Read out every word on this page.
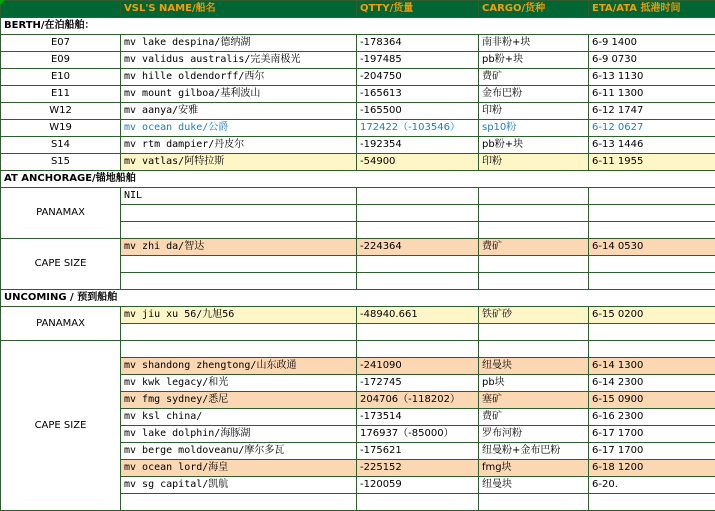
	VSL'S NAME/船名	QTTY/货量	CARGO/货种	ETA/ATA 抵港时间
BERTH/在泊船舶：				
E07	mv lake despina/德纳湖	-178364	南非粉+块	6-9 1400
E09	mv validus australis/完美南极光	-197485	pb粉+块	6-9 0730
E10	mv hille oldendorff/西尔	-204750	费矿	6-13 1130
E11	mv mount gilboa/基利波山	-165613	金布巴粉	6-11 1300
W12	mv aanya/安雅	-165500	印粉	6-12 1747
W19	mv ocean duke/公爵	172422（-103546）	sp10粉	6-12 0627
S14	mv rtm dampier/丹皮尔	-192354	pb粉+块	6-13 1446
S15	mv vatlas/阿特拉斯	-54900	印粉	6-11 1955
AT ANCHORAGE/锚地船舶				
PANAMAX	NIL			

CAPE SIZE	mv zhi da/智达	-224364	费矿	6-14 0530

UNCOMING / 预到船舶				
PANAMAX	mv jiu xu 56/九旭56	-48940.661	铁矿砂	6-15 0200

CAPE SIZE				
	mv shandong zhengtong/山东政通	-241090	纽曼块	6-14 1300
	mv kwk legacy/和光	-172745	pb块	6-14 2300
	mv fmg sydney/悉尼	204706（-118202）	塞矿	6-15 0900
	mv ksl china/	-173514	费矿	6-16 2300
	mv lake dolphin/海豚湖	176937（-85000）	罗布河粉	6-17 1700
	mv berge moldoveanu/摩尔多瓦	-175621	纽曼粉+金布巴粉	6-17 1700
	mv ocean lord/海皇	-225152	fmg块	6-18 1200
	mv sg capital/凯航	-120059	纽曼块	6-20.
